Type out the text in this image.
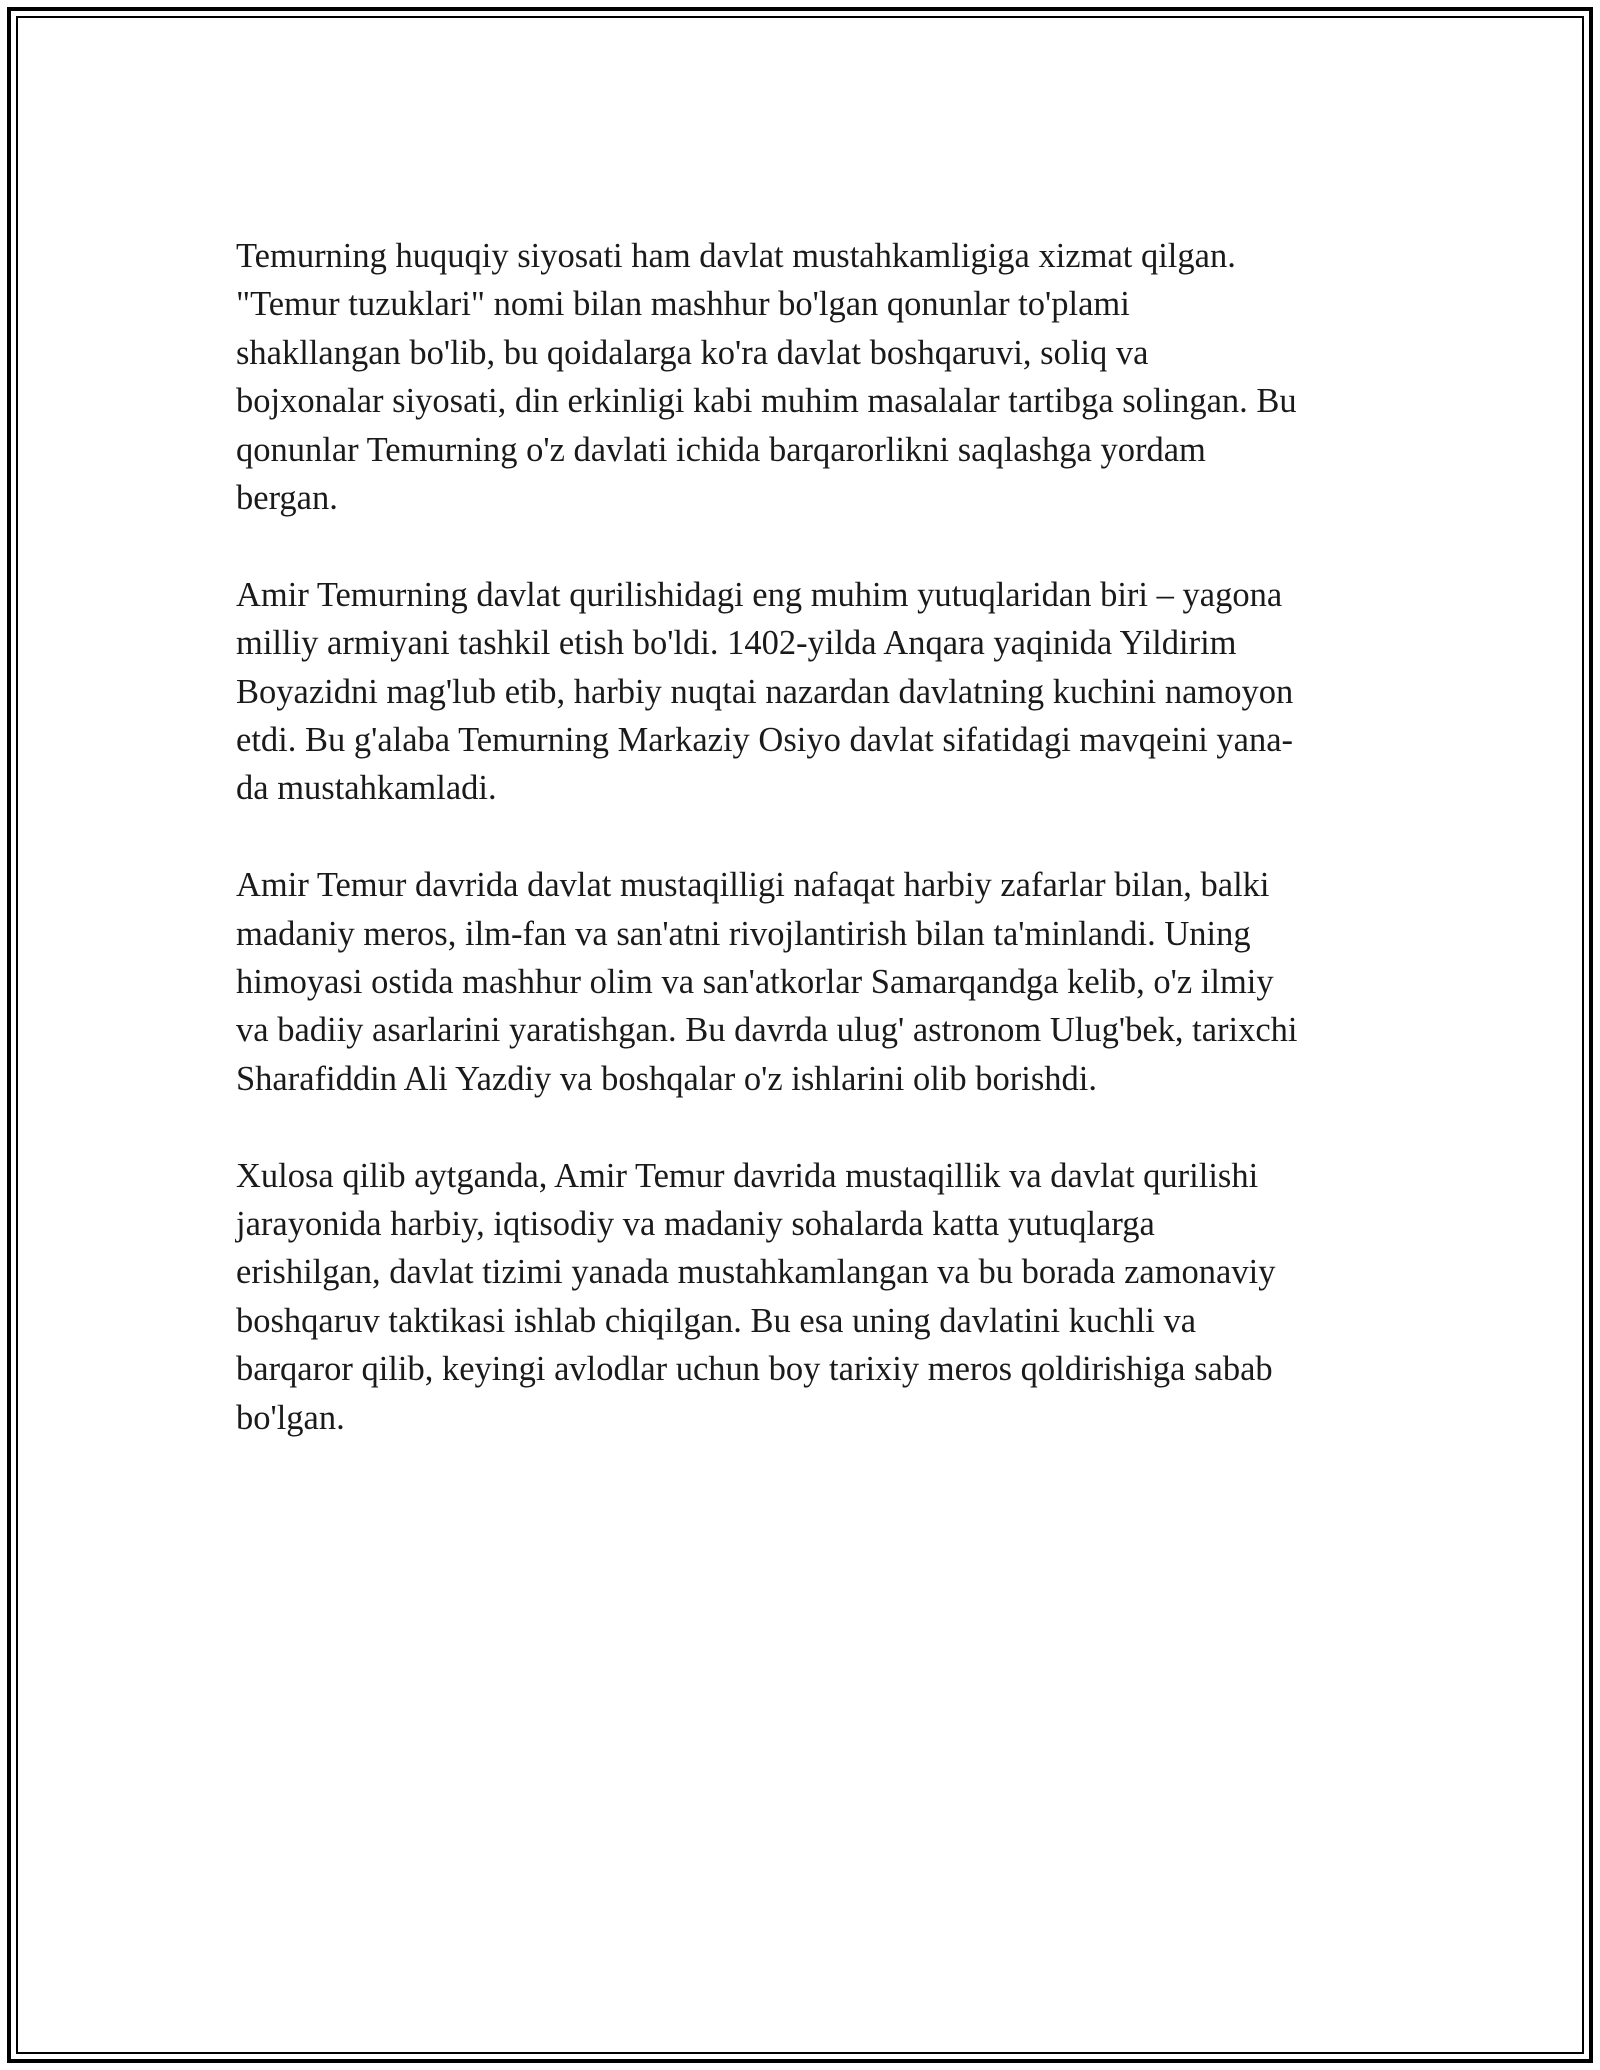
Temurning huquqiy siyosati ham davlat mustahkamligiga xizmat qilgan.
"Temur tuzuklari" nomi bilan mashhur bo'lgan qonunlar to'plami
shakllangan bo'lib, bu qoidalarga ko'ra davlat boshqaruvi, soliq va
bojxonalar siyosati, din erkinligi kabi muhim masalalar tartibga solingan. Bu
qonunlar Temurning o'z davlati ichida barqarorlikni saqlashga yordam
bergan.

Amir Temurning davlat qurilishidagi eng muhim yutuqlaridan biri – yagona
milliy armiyani tashkil etish bo'ldi. 1402-yilda Anqara yaqinida Yildirim
Boyazidni mag'lub etib, harbiy nuqtai nazardan davlatning kuchini namoyon
etdi. Bu g'alaba Temurning Markaziy Osiyo davlat sifatidagi mavqeini yana-
da mustahkamladi.

Amir Temur davrida davlat mustaqilligi nafaqat harbiy zafarlar bilan, balki
madaniy meros, ilm-fan va san'atni rivojlantirish bilan ta'minlandi. Uning
himoyasi ostida mashhur olim va san'atkorlar Samarqandga kelib, o'z ilmiy
va badiiy asarlarini yaratishgan. Bu davrda ulug' astronom Ulug'bek, tarixchi
Sharafiddin Ali Yazdiy va boshqalar o'z ishlarini olib borishdi.

Xulosa qilib aytganda, Amir Temur davrida mustaqillik va davlat qurilishi
jarayonida harbiy, iqtisodiy va madaniy sohalarda katta yutuqlarga
erishilgan, davlat tizimi yanada mustahkamlangan va bu borada zamonaviy
boshqaruv taktikasi ishlab chiqilgan. Bu esa uning davlatini kuchli va
barqaror qilib, keyingi avlodlar uchun boy tarixiy meros qoldirishiga sabab
bo'lgan.
